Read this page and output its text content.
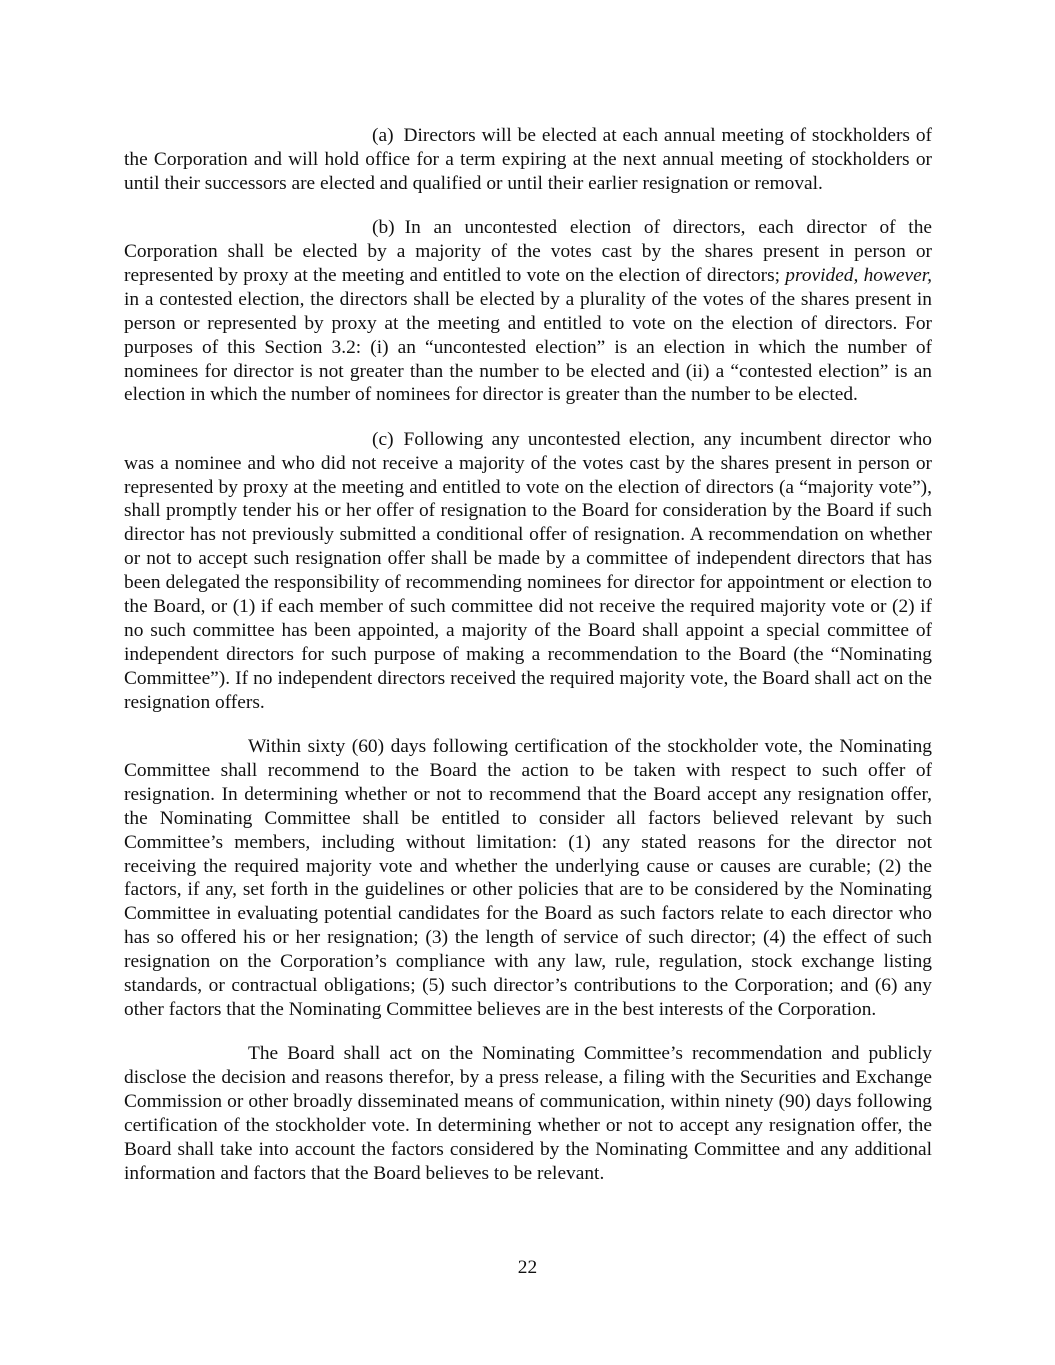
(a) Directors will be elected at each annual meeting of stockholders of the Corporation and will hold office for a term expiring at the next annual meeting of stockholders or until their successors are elected and qualified or until their earlier resignation or removal.

(b) In an uncontested election of directors, each director of the Corporation shall be elected by a majority of the votes cast by the shares present in person or represented by proxy at the meeting and entitled to vote on the election of directors; provided, however, in a contested election, the directors shall be elected by a plurality of the votes of the shares present in person or represented by proxy at the meeting and entitled to vote on the election of directors. For purposes of this Section 3.2: (i) an “uncontested election” is an election in which the number of nominees for director is not greater than the number to be elected and (ii) a “contested election” is an election in which the number of nominees for director is greater than the number to be elected.

(c) Following any uncontested election, any incumbent director who was a nominee and who did not receive a majority of the votes cast by the shares present in person or represented by proxy at the meeting and entitled to vote on the election of directors (a “majority vote”), shall promptly tender his or her offer of resignation to the Board for consideration by the Board if such director has not previously submitted a conditional offer of resignation. A recommendation on whether or not to accept such resignation offer shall be made by a committee of independent directors that has been delegated the responsibility of recommending nominees for director for appointment or election to the Board, or (1) if each member of such committee did not receive the required majority vote or (2) if no such committee has been appointed, a majority of the Board shall appoint a special committee of independent directors for such purpose of making a recommendation to the Board (the “Nominating Committee”). If no independent directors received the required majority vote, the Board shall act on the resignation offers.

Within sixty (60) days following certification of the stockholder vote, the Nominating Committee shall recommend to the Board the action to be taken with respect to such offer of resignation. In determining whether or not to recommend that the Board accept any resignation offer, the Nominating Committee shall be entitled to consider all factors believed relevant by such Committee’s members, including without limitation: (1) any stated reasons for the director not receiving the required majority vote and whether the underlying cause or causes are curable; (2) the factors, if any, set forth in the guidelines or other policies that are to be considered by the Nominating Committee in evaluating potential candidates for the Board as such factors relate to each director who has so offered his or her resignation; (3) the length of service of such director; (4) the effect of such resignation on the Corporation’s compliance with any law, rule, regulation, stock exchange listing standards, or contractual obligations; (5) such director’s contributions to the Corporation; and (6) any other factors that the Nominating Committee believes are in the best interests of the Corporation.

The Board shall act on the Nominating Committee’s recommendation and publicly disclose the decision and reasons therefor, by a press release, a filing with the Securities and Exchange Commission or other broadly disseminated means of communication, within ninety (90) days following certification of the stockholder vote. In determining whether or not to accept any resignation offer, the Board shall take into account the factors considered by the Nominating Committee and any additional information and factors that the Board believes to be relevant.

22
